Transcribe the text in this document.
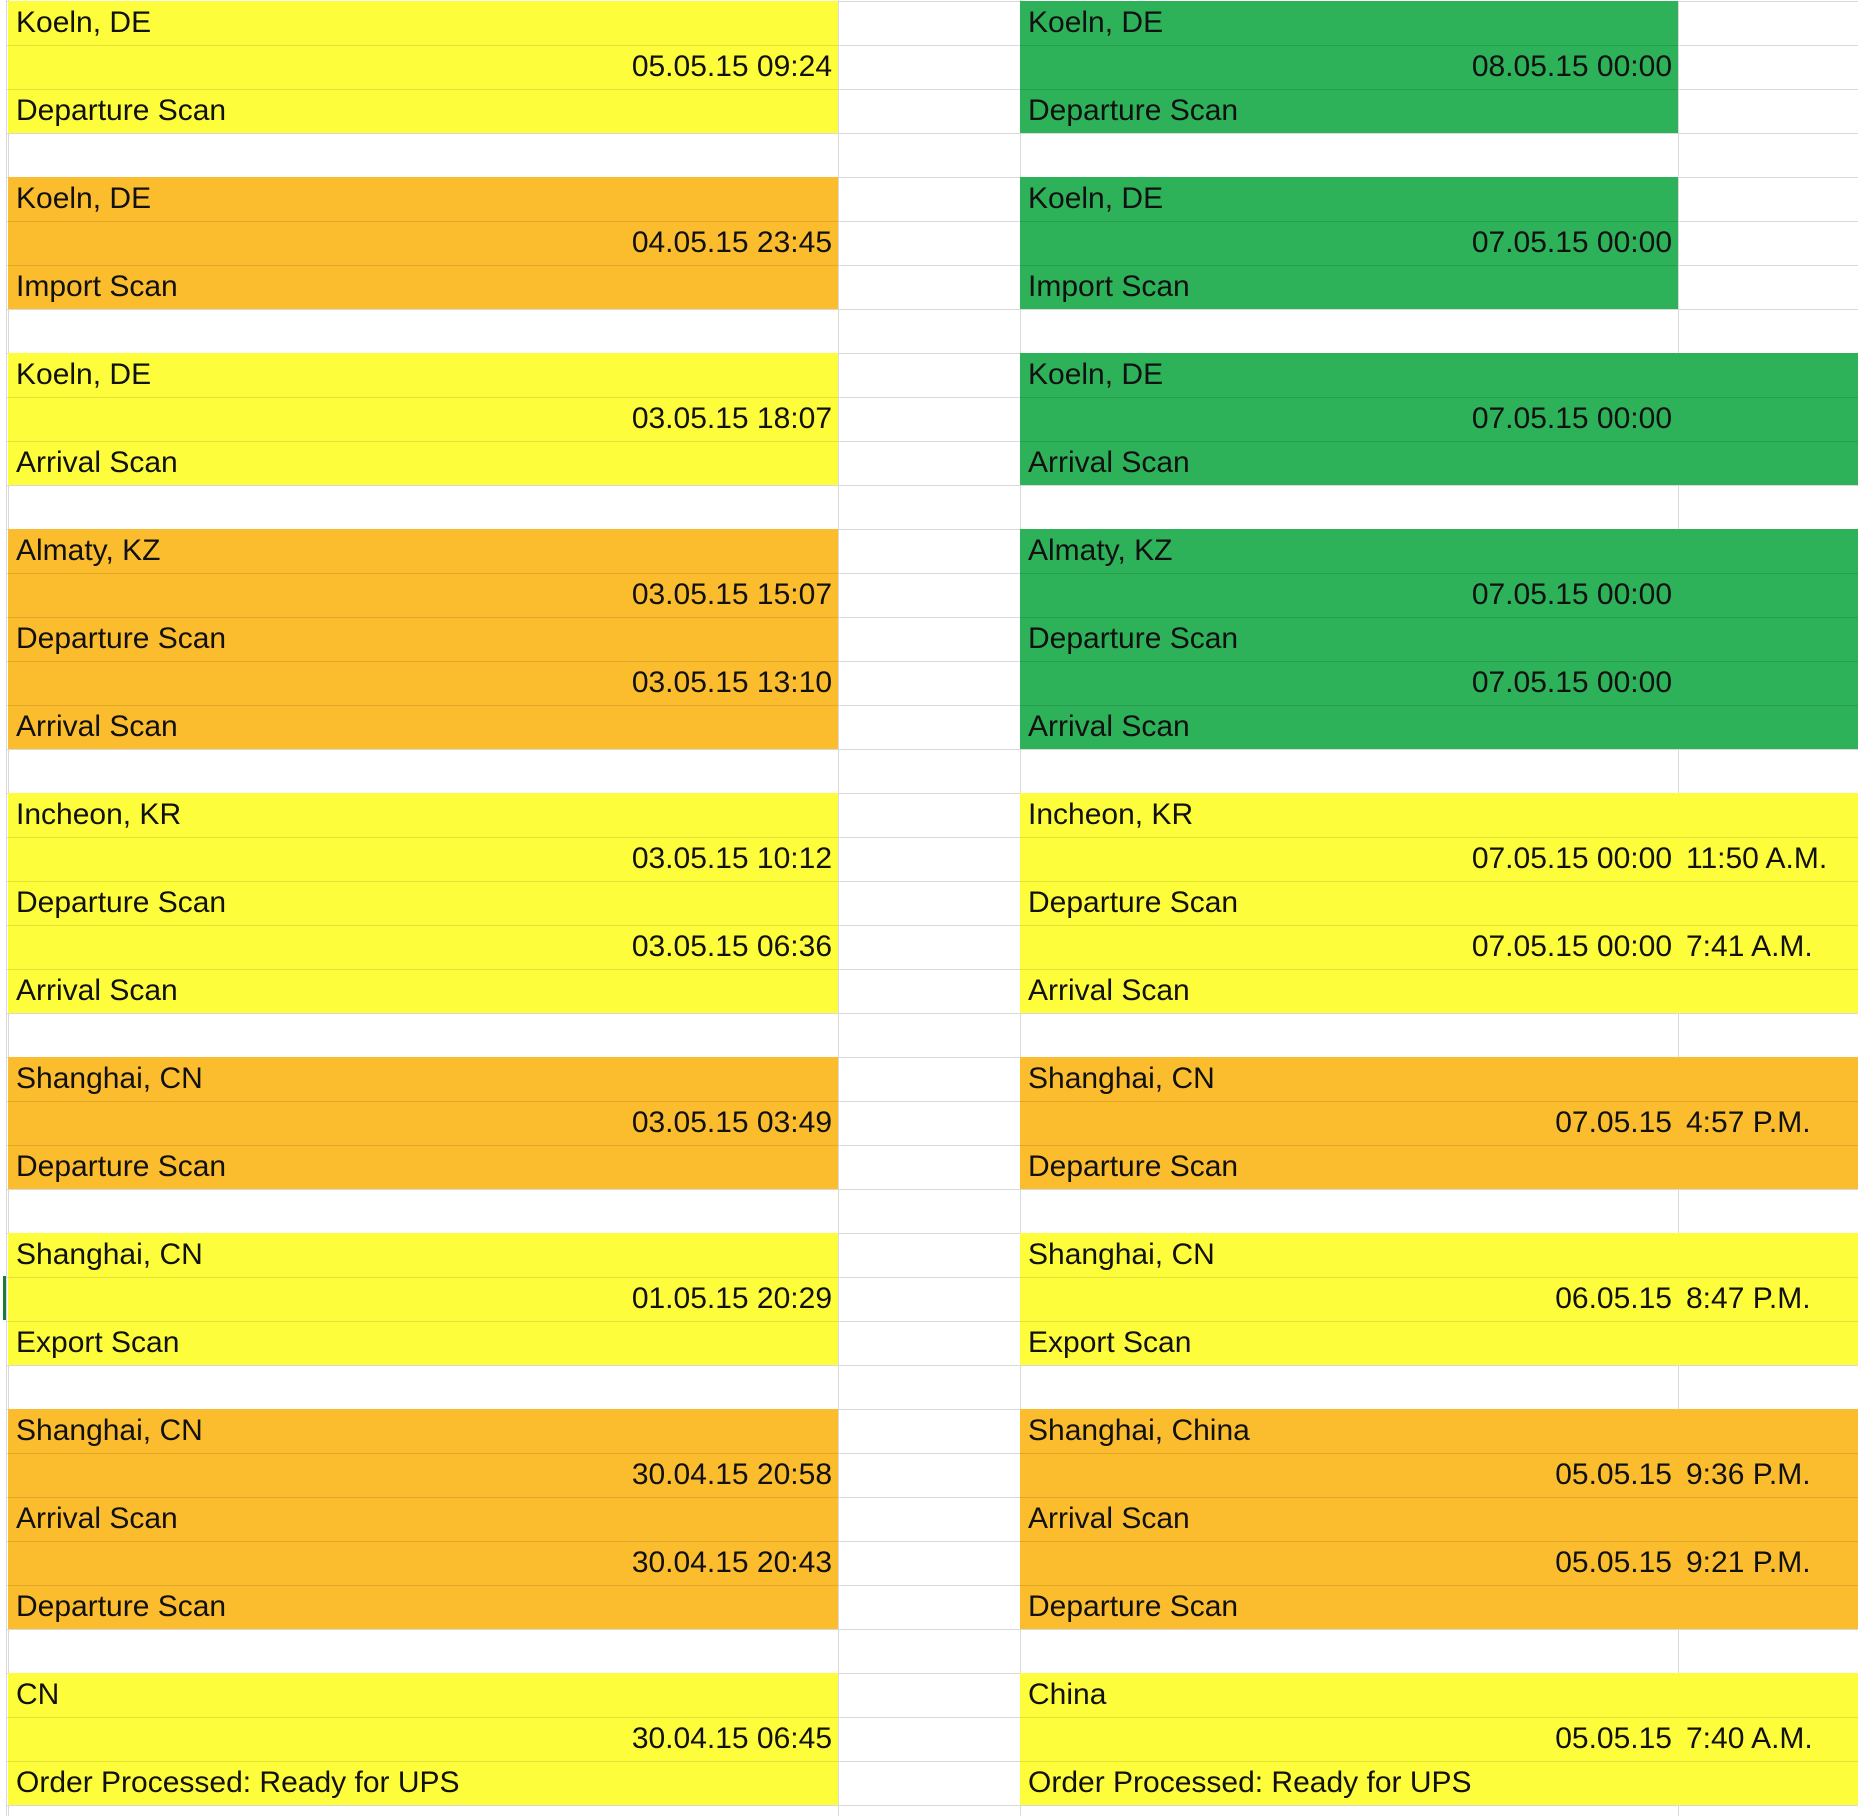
Koeln, DE
05.05.15 09:24
Departure Scan
Koeln, DE
04.05.15 23:45
Import Scan
Koeln, DE
03.05.15 18:07
Arrival Scan
Almaty, KZ
03.05.15 15:07
Departure Scan
03.05.15 13:10
Arrival Scan
Incheon, KR
03.05.15 10:12
Departure Scan
03.05.15 06:36
Arrival Scan
Shanghai, CN
03.05.15 03:49
Departure Scan
Shanghai, CN
01.05.15 20:29
Export Scan
Shanghai, CN
30.04.15 20:58
Arrival Scan
30.04.15 20:43
Departure Scan
CN
30.04.15 06:45
Order Processed: Ready for UPS
Koeln, DE
08.05.15 00:00
Departure Scan
Koeln, DE
07.05.15 00:00
Import Scan
Koeln, DE
07.05.15 00:00
Arrival Scan
Almaty, KZ
07.05.15 00:00
Departure Scan
07.05.15 00:00
Arrival Scan
Incheon, KR
07.05.15 00:00 11:50 A.M.
Departure Scan
07.05.15 00:00 7:41 A.M.
Arrival Scan
Shanghai, CN
07.05.15 4:57 P.M.
Departure Scan
Shanghai, CN
06.05.15 8:47 P.M.
Export Scan
Shanghai, China
05.05.15 9:36 P.M.
Arrival Scan
05.05.15 9:21 P.M.
Departure Scan
China
05.05.15 7:40 A.M.
Order Processed: Ready for UPS
